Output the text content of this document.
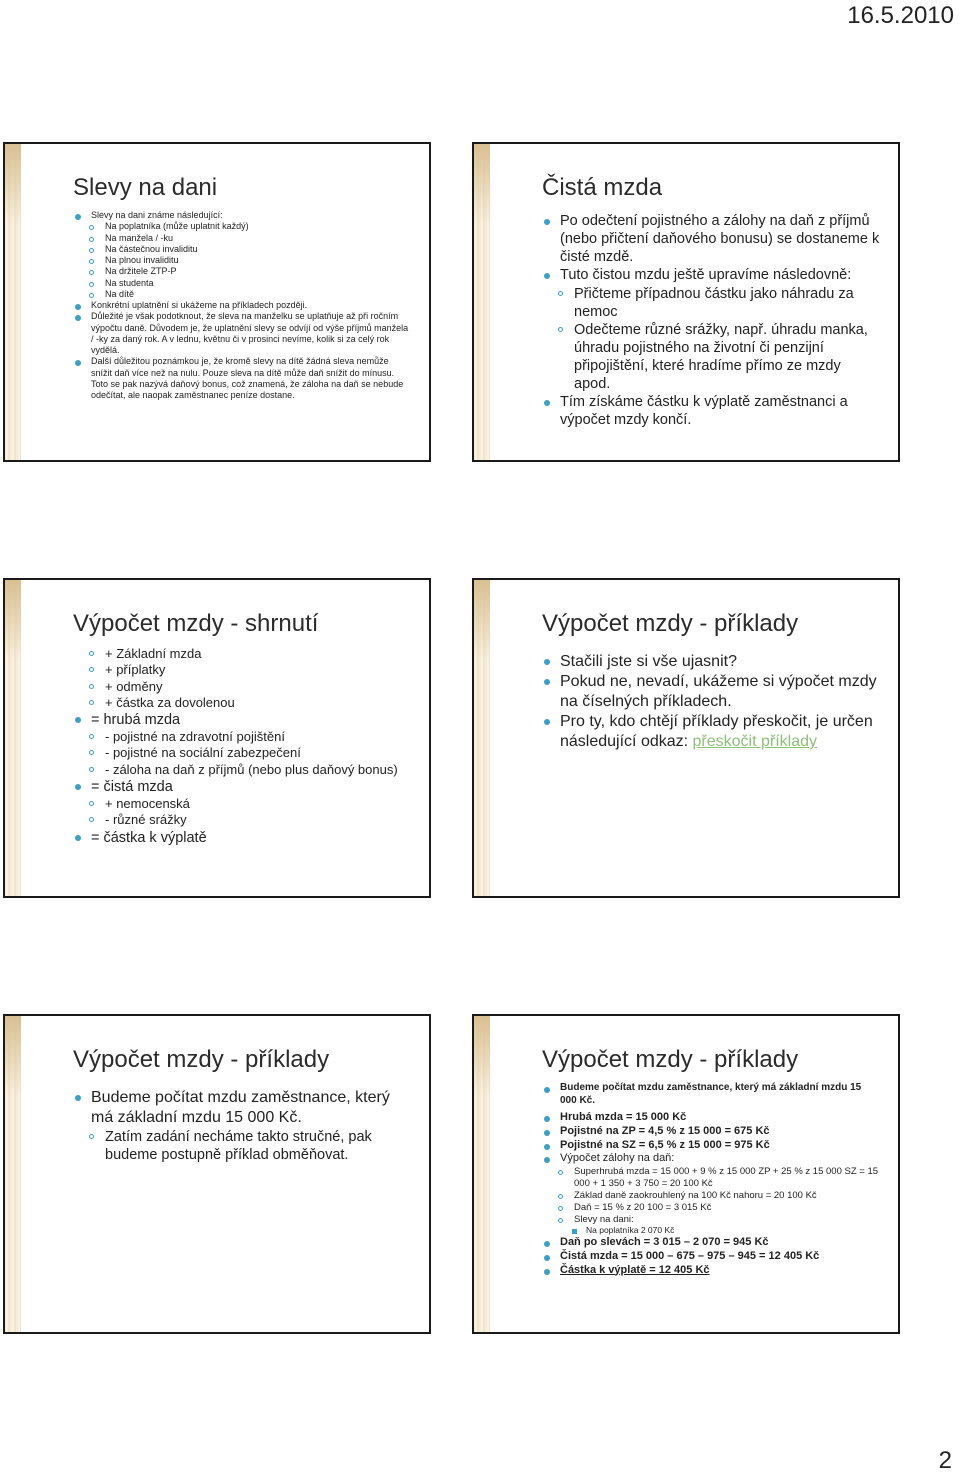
16.5.2010
Slevy na dani
Slevy na dani známe následující:
Na poplatníka (může uplatnit každý)
Na manžela / -ku
Na částečnou invaliditu
Na plnou invaliditu
Na držitele ZTP-P
Na studenta
Na dítě
Konkrétní uplatnění si ukážeme na příkladech později.
Důležité je však podotknout, že sleva na manželku se uplatňuje až při ročním výpočtu daně. Důvodem je, že uplatnění slevy se odvíjí od výše příjmů manžela / -ky za daný rok. A v lednu, květnu či v prosinci nevíme, kolik si za celý rok vydělá.
Další důležitou poznámkou je, že kromě slevy na dítě žádná sleva nemůže snížit daň více než na nulu. Pouze sleva na dítě může daň snížit do mínusu. Toto se pak nazývá daňový bonus, což znamená, že záloha na daň se nebude odečítat, ale naopak zaměstnanec peníze dostane.
Čistá mzda
Po odečtení pojistného a zálohy na daň z příjmů (nebo přičtení daňového bonusu) se dostaneme k čisté mzdě.
Tuto čistou mzdu ještě upravíme následovně:
Přičteme případnou částku jako náhradu za nemoc
Odečteme různé srážky, např. úhradu manka, úhradu pojistného na životní či penzijní připojištění, které hradíme přímo ze mzdy apod.
Tím získáme částku k výplatě zaměstnanci a výpočet mzdy končí.
Výpočet mzdy - shrnutí
+ Základní mzda
+ příplatky
+ odměny
+ částka za dovolenou
= hrubá mzda
- pojistné na zdravotní pojištění
- pojistné na sociální zabezpečení
- záloha na daň z příjmů (nebo plus daňový bonus)
= čistá mzda
+ nemocenská
- různé srážky
= částka k výplatě
Výpočet mzdy - příklady
Stačili jste si vše ujasnit?
Pokud ne, nevadí, ukážeme si výpočet mzdy na číselných příkladech.
Pro ty, kdo chtějí příklady přeskočit, je určen následující odkaz: přeskočit příklady
Výpočet mzdy - příklady
Budeme počítat mzdu zaměstnance, který má základní mzdu 15 000 Kč.
Zatím zadání necháme takto stručné, pak budeme postupně příklad obměňovat.
Výpočet mzdy - příklady
Budeme počítat mzdu zaměstnance, který má základní mzdu 15 000 Kč.
Hrubá mzda = 15 000 Kč
Pojistné na ZP = 4,5 % z 15 000 = 675 Kč
Pojistné na SZ = 6,5 % z 15 000 = 975 Kč
Výpočet zálohy na daň:
Superhrubá mzda = 15 000 + 9 % z 15 000 ZP + 25 % z 15 000 SZ = 15 000 + 1 350 + 3 750 = 20 100 Kč
Základ daně zaokrouhlený na 100 Kč nahoru = 20 100 Kč
Daň = 15 % z 20 100 = 3 015 Kč
Slevy na dani:
Na poplatníka 2 070 Kč
Daň po slevách = 3 015 – 2 070 = 945 Kč
Čistá mzda = 15 000 – 675 – 975 – 945 = 12 405 Kč
Částka k výplatě = 12 405 Kč
2
